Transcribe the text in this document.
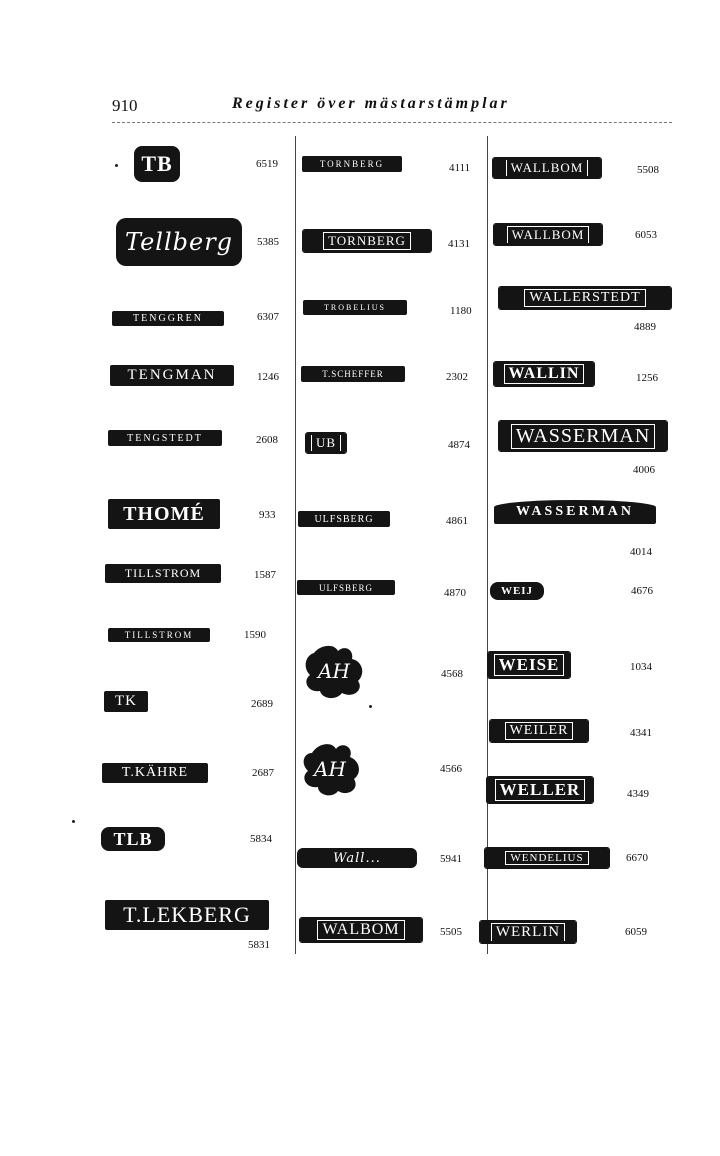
910	Register över mästarstämplar
TB	6519
Tellberg 5385
TENGGREN	6307
TENGMAN	1246
TENGSTEDT	2608
THOMÉ	933
TILLSTROM	1587
TILLSTROM	1590
TK	2689
T.KÄHRE	2687
TLB	5834
T.LEKBERG
5831
TORNBERG	4111
TORNBERG	4131
TROBELIUS	1180
T.SCHEFFER	2302
UB	4874
ULFSBERG	4861
ULFSBERG	4870
AH	4568
AH	4566
Wall...	5941
WALBOM	5505
WALLBOM	5508
WALLBOM	6053
WALLERSTEDT
4889
WALLIN	1256
WASSERMAN
4006
WASSERMAN
4014
WEIJ	4676
WEISE	1034
WEILER	4341
WELLER	4349
WENDELIUS	6670
WERLIN	6059
